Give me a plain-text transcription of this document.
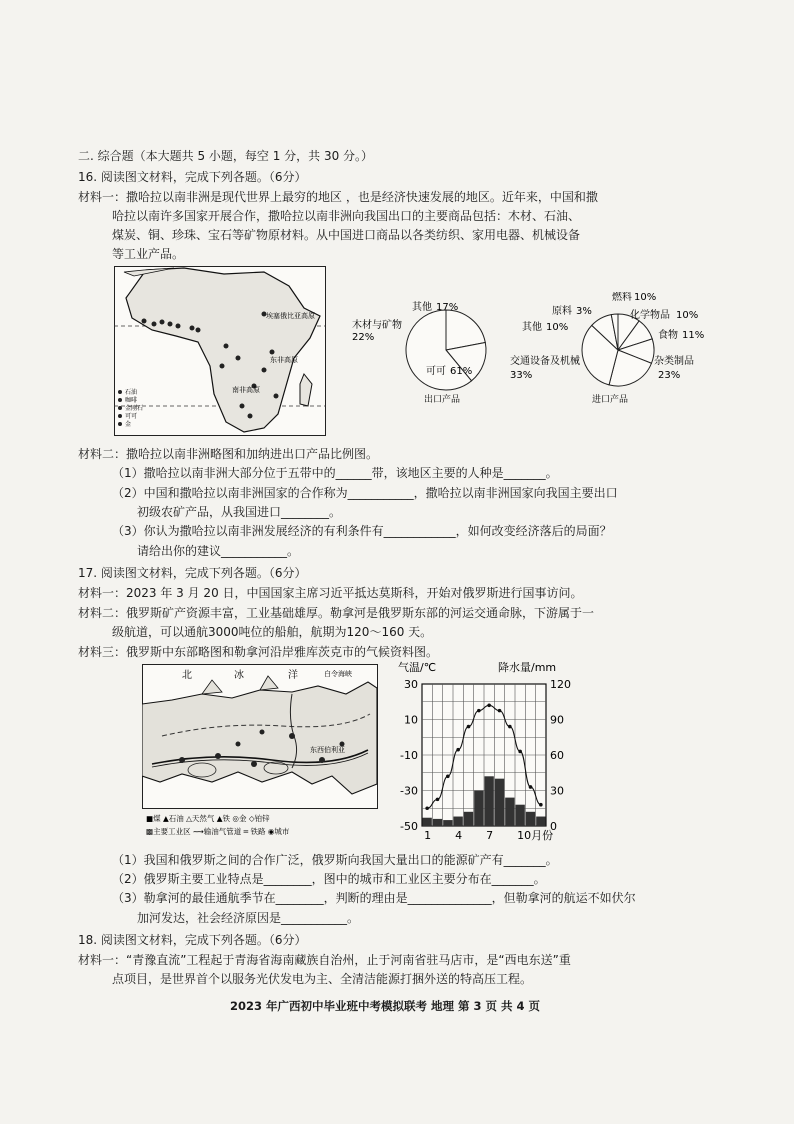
二. 综合题（本大题共 5 小题，每空 1 分，共 30 分。）
16. 阅读图文材料，完成下列各题。（6分）
材料一：撒哈拉以南非洲是现代世界上最穷的地区 ，也是经济快速发展的地区。近年来，中国和撒
哈拉以南许多国家开展合作，撒哈拉以南非洲向我国出口的主要商品包括：木材、石油、
煤炭、铜、珍珠、宝石等矿物原材料。从中国进口商品以各类纺织、家用电器、机械设备
等工业产品。
埃塞俄比亚高原
东非高原
南非高原
石油
咖啡
金刚石
可可
金
木材与矿物
22%
其他 17%
可可 61%
出口产品
燃料 10%
化学物品 10%
食物 11%
杂类制品
23%
交通设备及机械
33%
其他 10%
原料 3%
进口产品
材料二：撒哈拉以南非洲略图和加纳进出口产品比例图。
（1）撒哈拉以南非洲大部分位于五带中的______带，该地区主要的人种是_______。
（2）中国和撒哈拉以南非洲国家的合作称为___________，撒哈拉以南非洲国家向我国主要出口
初级农矿产品，从我国进口________。
（3）你认为撒哈拉以南非洲发展经济的有利条件有____________，如何改变经济落后的局面？
请给出你的建议___________。
17. 阅读图文材料，完成下列各题。（6分）
材料一：2023 年 3 月 20 日，中国国家主席习近平抵达莫斯科，开始对俄罗斯进行国事访问。
材料二：俄罗斯矿产资源丰富，工业基础雄厚。勒拿河是俄罗斯东部的河运交通命脉，下游属于一
级航道，可以通航3000吨位的船舶，航期为120～160 天。
材料三：俄罗斯中东部略图和勒拿河沿岸雅库茨克市的气候资料图。
北	冰	洋	白令海峡
东西伯利亚
■煤 ▲石油 △天然气 ▲铁 ◎金 ◇铂锌
▩主要工业区 ⟿输油气管道 ═ 铁路 ◉城市
30
10
-10
-30
-50
120
90
60
30
0
1 4 7 10月份
气温/℃	降水量/mm
（1）我国和俄罗斯之间的合作广泛，俄罗斯向我国大量出口的能源矿产有_______。
（2）俄罗斯主要工业特点是________，图中的城市和工业区主要分布在_______。
（3）勒拿河的最佳通航季节在________，判断的理由是______________，但勒拿河的航运不如伏尔
加河发达，社会经济原因是___________。
18. 阅读图文材料，完成下列各题。（6分）
材料一：“青豫直流”工程起于青海省海南藏族自治州，止于河南省驻马店市，是“西电东送”重
点项目，是世界首个以服务光伏发电为主、全清洁能源打捆外送的特高压工程。
2023 年广西初中毕业班中考模拟联考 地理 第 3 页 共 4 页
